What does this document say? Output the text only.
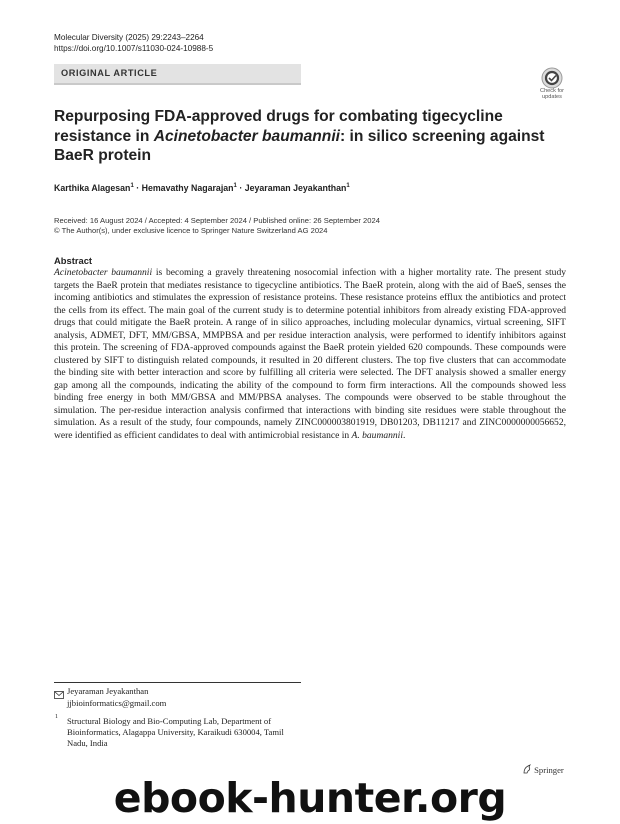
Molecular Diversity (2025) 29:2243–2264
https://doi.org/10.1007/s11030-024-10988-5
ORIGINAL ARTICLE
Check for
updates
Repurposing FDA-approved drugs for combating tigecycline resistance in Acinetobacter baumannii: in silico screening against BaeR protein
Karthika Alagesan$^1$ · Hemavathy Nagarajan$^1$ · Jeyaraman Jeyakanthan$^1$
Received: 16 August 2024 / Accepted: 4 September 2024 / Published online: 26 September 2024
© The Author(s), under exclusive licence to Springer Nature Switzerland AG 2024
Abstract

Acinetobacter baumannii is becoming a gravely threatening nosocomial infection with a higher mortality rate. The present study targets the BaeR protein that mediates resistance to tigecycline antibiotics. The BaeR protein, along with the aid of BaeS, senses the incoming antibiotics and stimulates the expression of resistance proteins. These resistance proteins efflux the antibiotics and protect the cells from its effect. The main goal of the current study is to determine potential inhibitors from already existing FDA-approved drugs that could mitigate the BaeR protein. A range of in silico approaches, including molecular dynamics, virtual screening, SIFT analysis, ADMET, DFT, MM/GBSA, MMPBSA and per residue interaction analysis, were performed to identify inhibitors against this protein. The screening of FDA-approved compounds against the BaeR protein yielded 620 compounds. These compounds were clustered by SIFT to distinguish related compounds, it resulted in 20 different clusters. The top five clusters that can accommodate the binding site with better interaction and score by fulfilling all criteria were selected. The DFT analysis showed a smaller energy gap among all the compounds, indicating the ability of the compound to form firm interactions. All the compounds showed less binding free energy in both MM/GBSA and MM/PBSA analyses. The compounds were observed to be stable throughout the simulation. The per-residue interaction analysis confirmed that interactions with binding site residues were stable throughout the simulation. As a result of the study, four compounds, namely ZINC000003801919, DB01203, DB11217 and ZINC0000000056652, were identified as efficient candidates to deal with antimicrobial resistance in A. baumannii.

Jeyaraman Jeyakanthan
jjbioinformatics@gmail.com
1 Structural Biology and Bio-Computing Lab, Department of Bioinformatics, Alagappa University, Karaikudi 630004, Tamil Nadu, India
Springer
ebook-hunter.org
